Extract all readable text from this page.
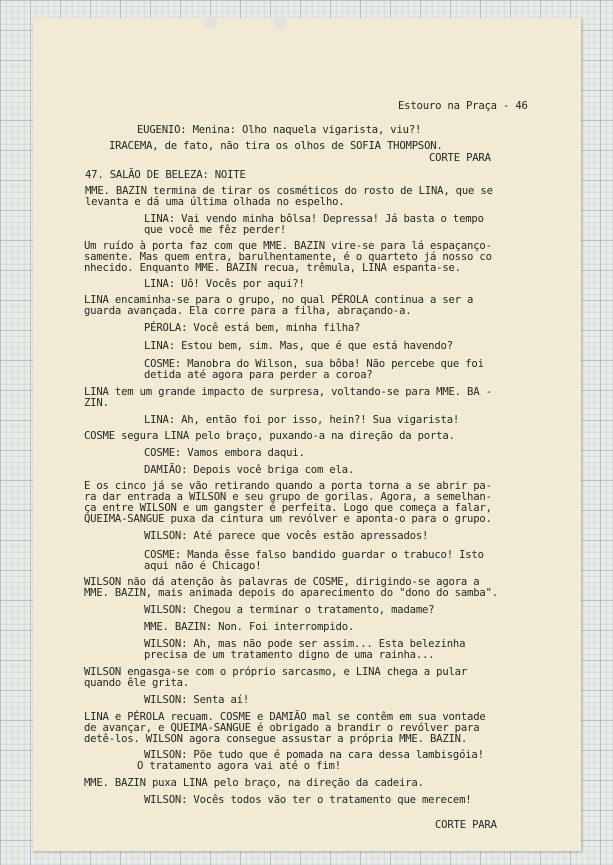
Estouro na Praça - 46

EUGENIO: Menina: Olho naquela vigarista, viu?!

IRACEMA, de fato, não tira os olhos de SOFIA THOMPSON.

CORTE PARA

47. SALÃO DE BELEZA: NOITE

MME. BAZIN termina de tirar os cosméticos do rosto de LINA, que se

levanta e dá uma última olhada no espelho.

LINA: Vai vendo minha bôlsa! Depressa! Já basta o tempo

que você me fêz perder!

Um ruído à porta faz com que MME. BAZIN vire-se para lá espaçanço-

samente. Mas quem entra, barulhentamente, é o quarteto já nosso co

nhecido. Enquanto MME. BAZIN recua, trêmula, LINA espanta-se.

LINA: Uô! Vocês por aqui?!

LINA encaminha-se para o grupo, no qual PÉROLA continua a ser a

guarda avançada. Ela corre para a filha, abraçando-a.

PÉROLA: Você está bem, minha filha?

LINA: Estou bem, sim. Mas, que é que está havendo?

COSME: Manobra do Wilson, sua bôba! Não percebe que foi

detida até agora para perder a coroa?

LINA tem um grande impacto de surpresa, voltando-se para MME. BA -

ZIN.

LINA: Ah, então foi por isso, hein?! Sua vigarista!

COSME segura LINA pelo braço, puxando-a na direção da porta.

COSME: Vamos embora daqui.

DAMIÃO: Depois você briga com ela.

E os cinco já se vão retirando quando a porta torna a se abrir pa-

ra dar entrada a WILSON e seu grupo de gorilas. Agora, a semelhan-

ça entre WILSON e um gangster é perfeita. Logo que começa a falar,

QUEIMA-SANGUE puxa da cintura um revólver e aponta-o para o grupo.

WILSON: Até parece que vocês estão apressados!

COSME: Manda êsse falso bandido guardar o trabuco! Isto

aqui não é Chicago!

WILSON não dá atenção às palavras de COSME, dirigindo-se agora a

MME. BAZIN, mais animada depois do aparecimento do "dono do samba".

WILSON: Chegou a terminar o tratamento, madame?

MME. BAZIN: Non. Foi interrompido.

WILSON: Ah, mas não pode ser assim... Esta belezinha

precisa de um tratamento digno de uma rainha...

WILSON engasga-se com o próprio sarcasmo, e LINA chega a pular

quando êle grita.

WILSON: Senta aí!

LINA e PÉROLA recuam. COSME e DAMIÃO mal se contêm em sua vontade

de avançar, e QUEIMA-SANGUE é obrigado a brandir o revólver para

detê-los. WILSON agora consegue assustar a própria MME. BAZIN.

WILSON: Põe tudo que é pomada na cara dessa lambisgóia!

O tratamento agora vai até o fim!

MME. BAZIN puxa LINA pelo braço, na direção da cadeira.

WILSON: Vocês todos vão ter o tratamento que merecem!

CORTE PARA
